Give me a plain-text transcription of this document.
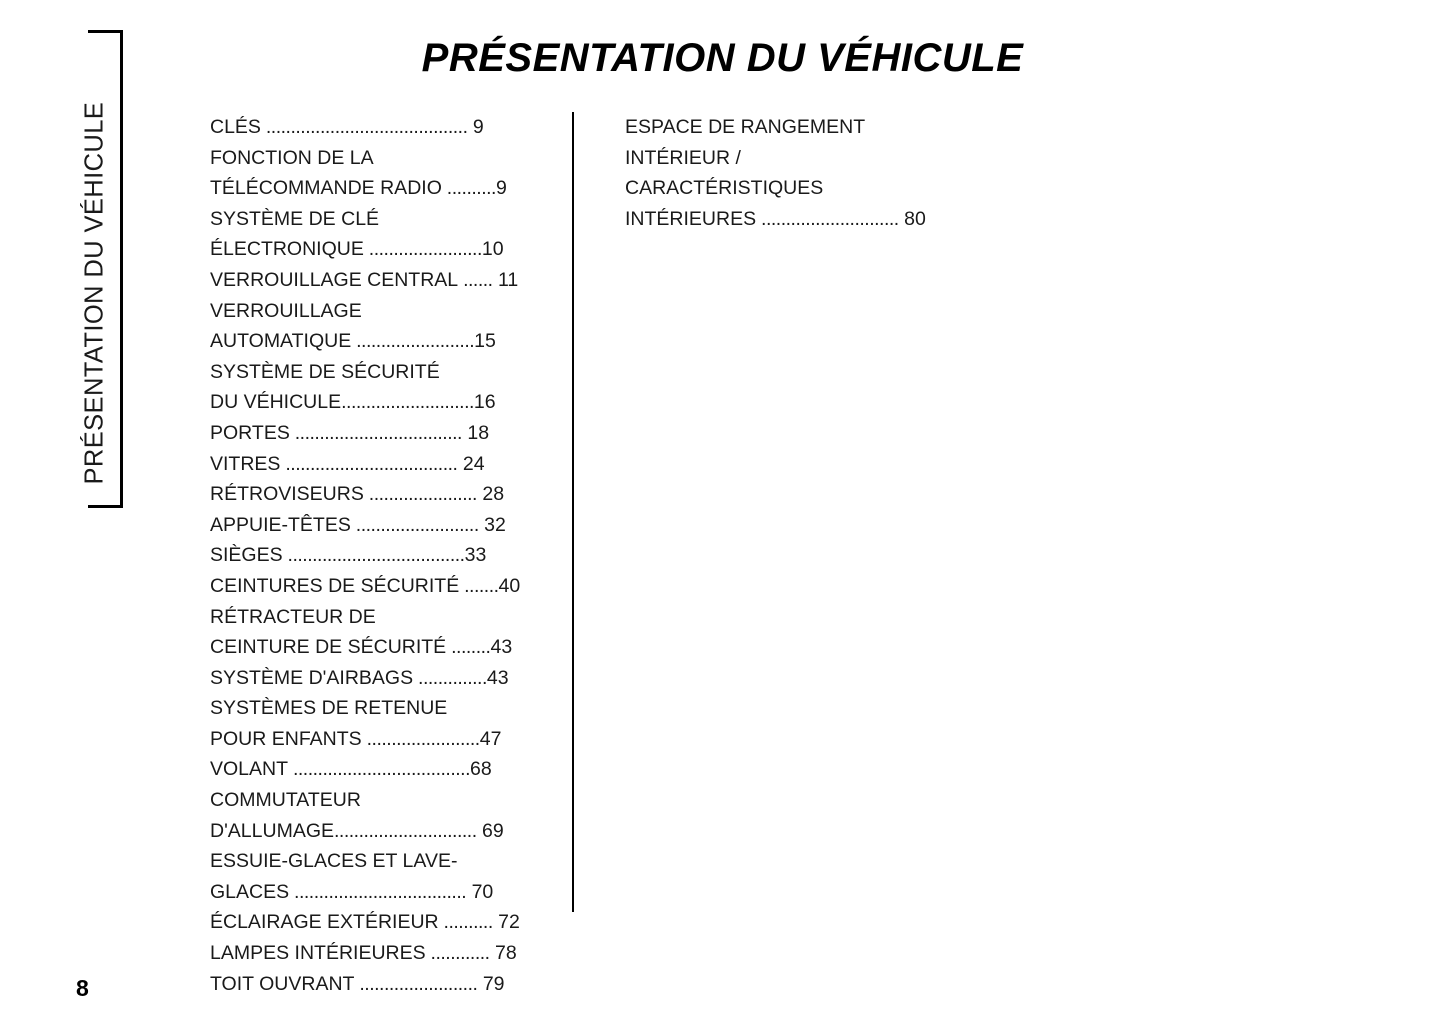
PRÉSENTATION DU VÉHICULE
PRÉSENTATION DU VÉHICULE
CLÉS ......................................... 9
FONCTION DE LA
TÉLÉCOMMANDE RADIO ..........9
SYSTÈME DE CLÉ
ÉLECTRONIQUE .......................10
VERROUILLAGE CENTRAL ...... 11
VERROUILLAGE
AUTOMATIQUE ........................15
SYSTÈME DE SÉCURITÉ
DU VÉHICULE...........................16
PORTES .................................. 18
VITRES ................................... 24
RÉTROVISEURS ...................... 28
APPUIE-TÊTES ......................... 32
SIÈGES ....................................33
CEINTURES DE SÉCURITÉ .......40
RÉTRACTEUR DE
CEINTURE DE SÉCURITÉ ........43
SYSTÈME D'AIRBAGS ..............43
SYSTÈMES DE RETENUE
POUR ENFANTS .......................47
VOLANT ....................................68
COMMUTATEUR
D'ALLUMAGE............................. 69
ESSUIE-GLACES ET LAVE-
GLACES ................................... 70
ÉCLAIRAGE EXTÉRIEUR .......... 72
LAMPES INTÉRIEURES ............ 78
TOIT OUVRANT ........................ 79
ESPACE DE RANGEMENT
INTÉRIEUR /
CARACTÉRISTIQUES
INTÉRIEURES ............................ 80
8
